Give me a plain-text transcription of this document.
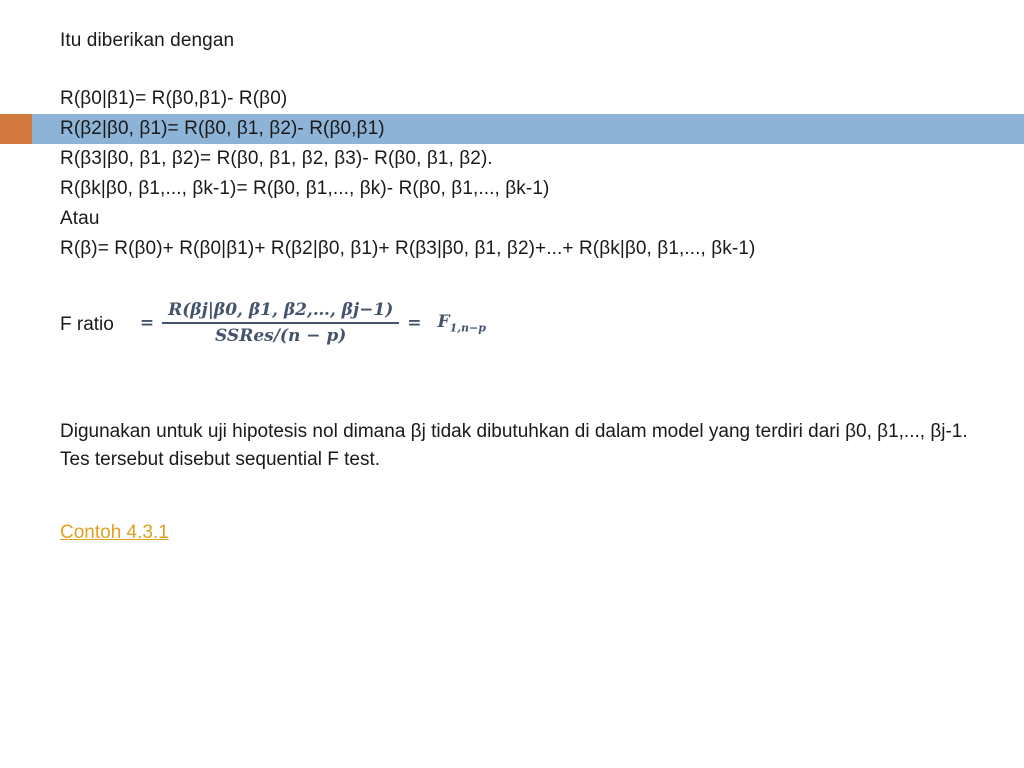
Itu diberikan dengan
R(β0|β1)= R(β0,β1)- R(β0)
R(β2|β0, β1)= R(β0, β1, β2)- R(β0,β1)
R(β3|β0, β1, β2)= R(β0, β1, β2, β3)- R(β0, β1, β2).
R(βk|β0, β1,..., βk-1)= R(β0, β1,..., βk)- R(β0, β1,..., βk-1)
Atau
R(β)= R(β0)+ R(β0|β1)+ R(β2|β0, β1)+ R(β3|β0, β1, β2)+...+ R(βk|β0, β1,..., βk-1)
F ratio = $\frac{R(\beta j|\beta 0, \beta 1, \beta 2,\dots, \beta j-1)}{\text{SSRes/(n − p)}} = F_{1,n-p}$
Digunakan untuk uji hipotesis nol dimana βj tidak dibutuhkan di dalam model yang terdiri dari β0, β1,..., βj-1. Tes tersebut disebut sequential F test.
Contoh 4.3.1
